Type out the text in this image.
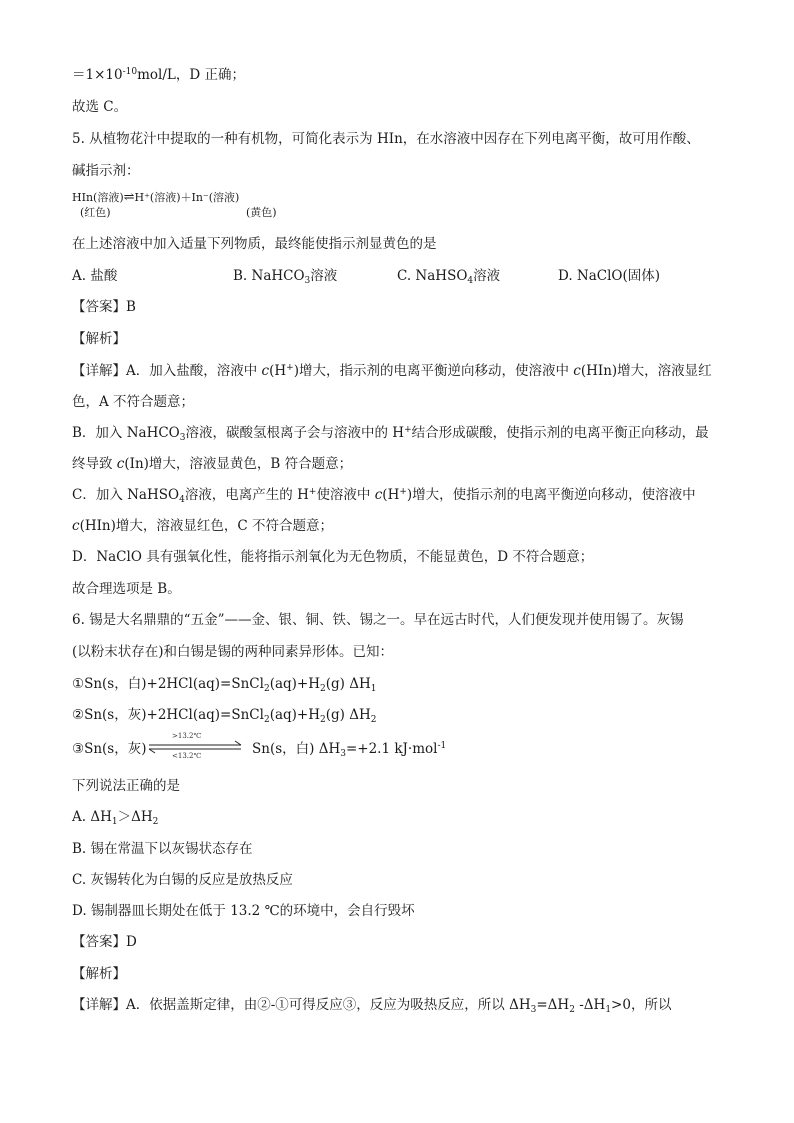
$=1\times 10^{-10}mol/L$，D 正确；
故选 C。
5. 从植物花汁中提取的一种有机物，可简化表示为 HIn，在水溶液中因存在下列电离平衡，故可用作酸、
碱指示剂：
HIn(溶液)⇌H⁺(溶液)＋In⁻(溶液)
(红色)	(黄色)
在上述溶液中加入适量下列物质，最终能使指示剂显黄色的是
A. 盐酸	B. NaHCO$_3$溶液	C. NaHSO$_4$溶液	D. NaClO(固体)
【答案】B
【解析】
【详解】A．加入盐酸，溶液中 c(H+)增大，指示剂的电离平衡逆向移动，使溶液中 c(HIn)增大，溶液显红
色，A 不符合题意；
B．加入 NaHCO$_3$溶液，碳酸氢根离子会与溶液中的 H+结合形成碳酸，使指示剂的电离平衡正向移动，最
终导致 c(In)增大，溶液显黄色，B 符合题意；
C．加入 NaHSO$_4$溶液，电离产生的 H+使溶液中 c(H+)增大，使指示剂的电离平衡逆向移动，使溶液中
c(HIn)增大，溶液显红色，C 不符合题意；
D．NaClO 具有强氧化性，能将指示剂氧化为无色物质，不能显黄色，D 不符合题意；
故合理选项是 B。
6. 锡是大名鼎鼎的“五金”——金、银、铜、铁、锡之一。早在远古时代，人们便发现并使用锡了。灰锡
(以粉末状存在)和白锡是锡的两种同素异形体。已知：
①Sn(s，白)$+2HCl(aq)=SnCl_2(aq)+H_2(g)$ $\Delta H_1$
②Sn(s，灰)$+2HCl(aq)=SnCl_2(aq)+H_2(g)$ $\Delta H_2$
③Sn(s，灰)
>13.2℃
<13.2℃	Sn(s，白) $\Delta H_3=+2.1$ kJ·mol$^{-1}$
下列说法正确的是
A. $\Delta H_1>\Delta H_2$
B. 锡在常温下以灰锡状态存在
C. 灰锡转化为白锡的反应是放热反应
D. 锡制器皿长期处在低于 13.2 ℃的环境中，会自行毁坏
【答案】D
【解析】
【详解】A．依据盖斯定律，由②-①可得反应③，反应为吸热反应，所以 $\Delta H_3=\Delta H_2$ $-\Delta H_1>0$，所以
